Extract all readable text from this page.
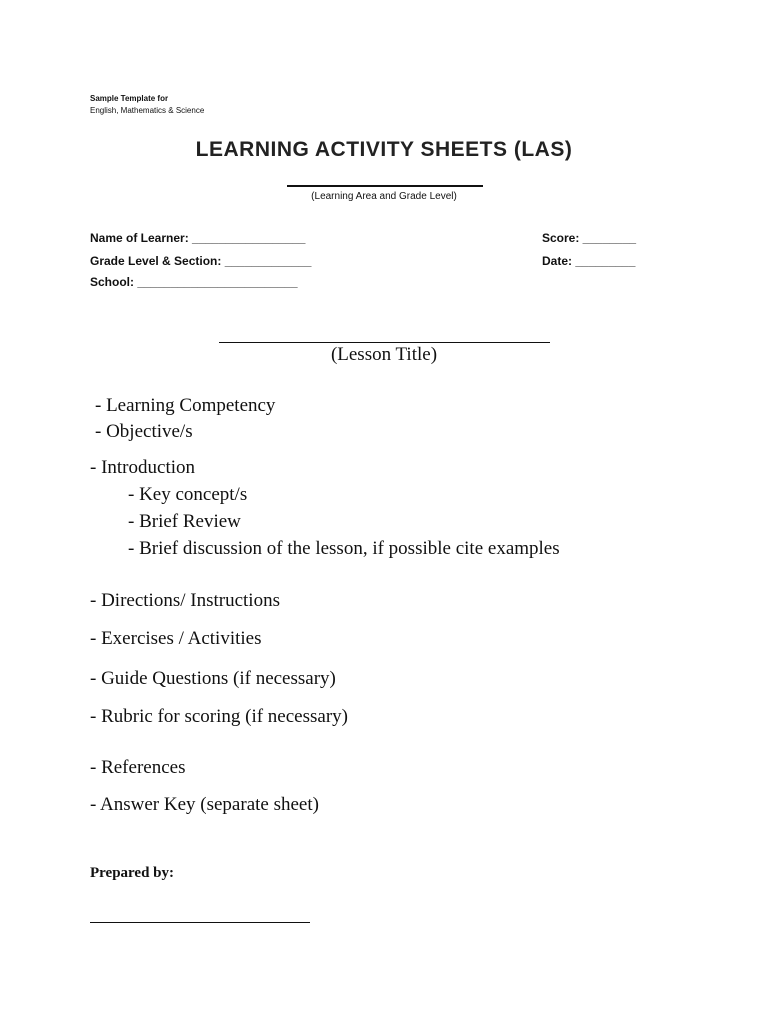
Sample Template for
English, Mathematics & Science
LEARNING ACTIVITY SHEETS (LAS)
(Learning Area and Grade Level)
Name of Learner: _________________	Score: ________
Grade Level & Section: _____________	Date: _________
School: ________________________
(Lesson Title)
- Learning Competency
- Objective/s
- Introduction
- Key concept/s
- Brief Review
- Brief discussion of the lesson, if possible cite examples
- Directions/ Instructions
- Exercises / Activities
- Guide Questions (if necessary)
- Rubric for scoring (if necessary)
- References
- Answer Key (separate sheet)
Prepared by:
